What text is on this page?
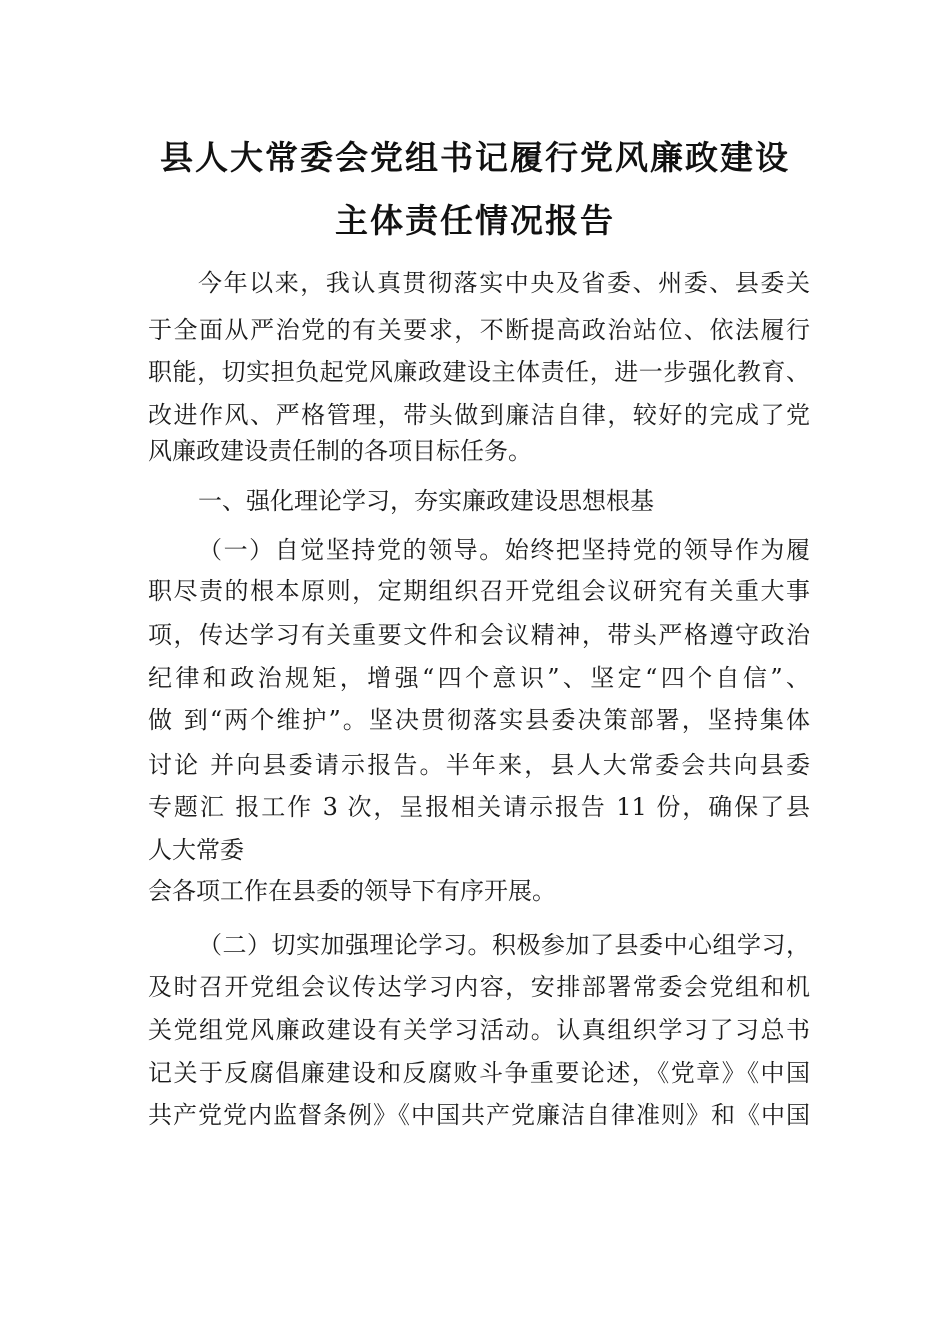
县人大常委会党组书记履行党风廉政建设
主体责任情况报告
今年以来，我认真贯彻落实中央及省委、州委、县委关
于全面从严治党的有关要求，不断提高政治站位、依法履行
职能，切实担负起党风廉政建设主体责任，进一步强化教育、
改进作风、严格管理，带头做到廉洁自律，较好的完成了党
风廉政建设责任制的各项目标任务。
一、强化理论学习，夯实廉政建设思想根基
（一）自觉坚持党的领导。始终把坚持党的领导作为履
职尽责的根本原则，定期组织召开党组会议研究有关重大事
项，传达学习有关重要文件和会议精神，带头严格遵守政治
纪律和政治规矩，增强“四个意识”、坚定“四个自信”、
做 到“两个维护”。坚决贯彻落实县委决策部署，坚持集体
讨论 并向县委请示报告。半年来，县人大常委会共向县委
专题汇 报工作 3 次，呈报相关请示报告 11 份，确保了县
人大常委
会各项工作在县委的领导下有序开展。
（二）切实加强理论学习。积极参加了县委中心组学习，
及时召开党组会议传达学习内容，安排部署常委会党组和机
关党组党风廉政建设有关学习活动。认真组织学习了习总书
记关于反腐倡廉建设和反腐败斗争重要论述，《党章》《中国
共产党党内监督条例》《中国共产党廉洁自律准则》和《中国
